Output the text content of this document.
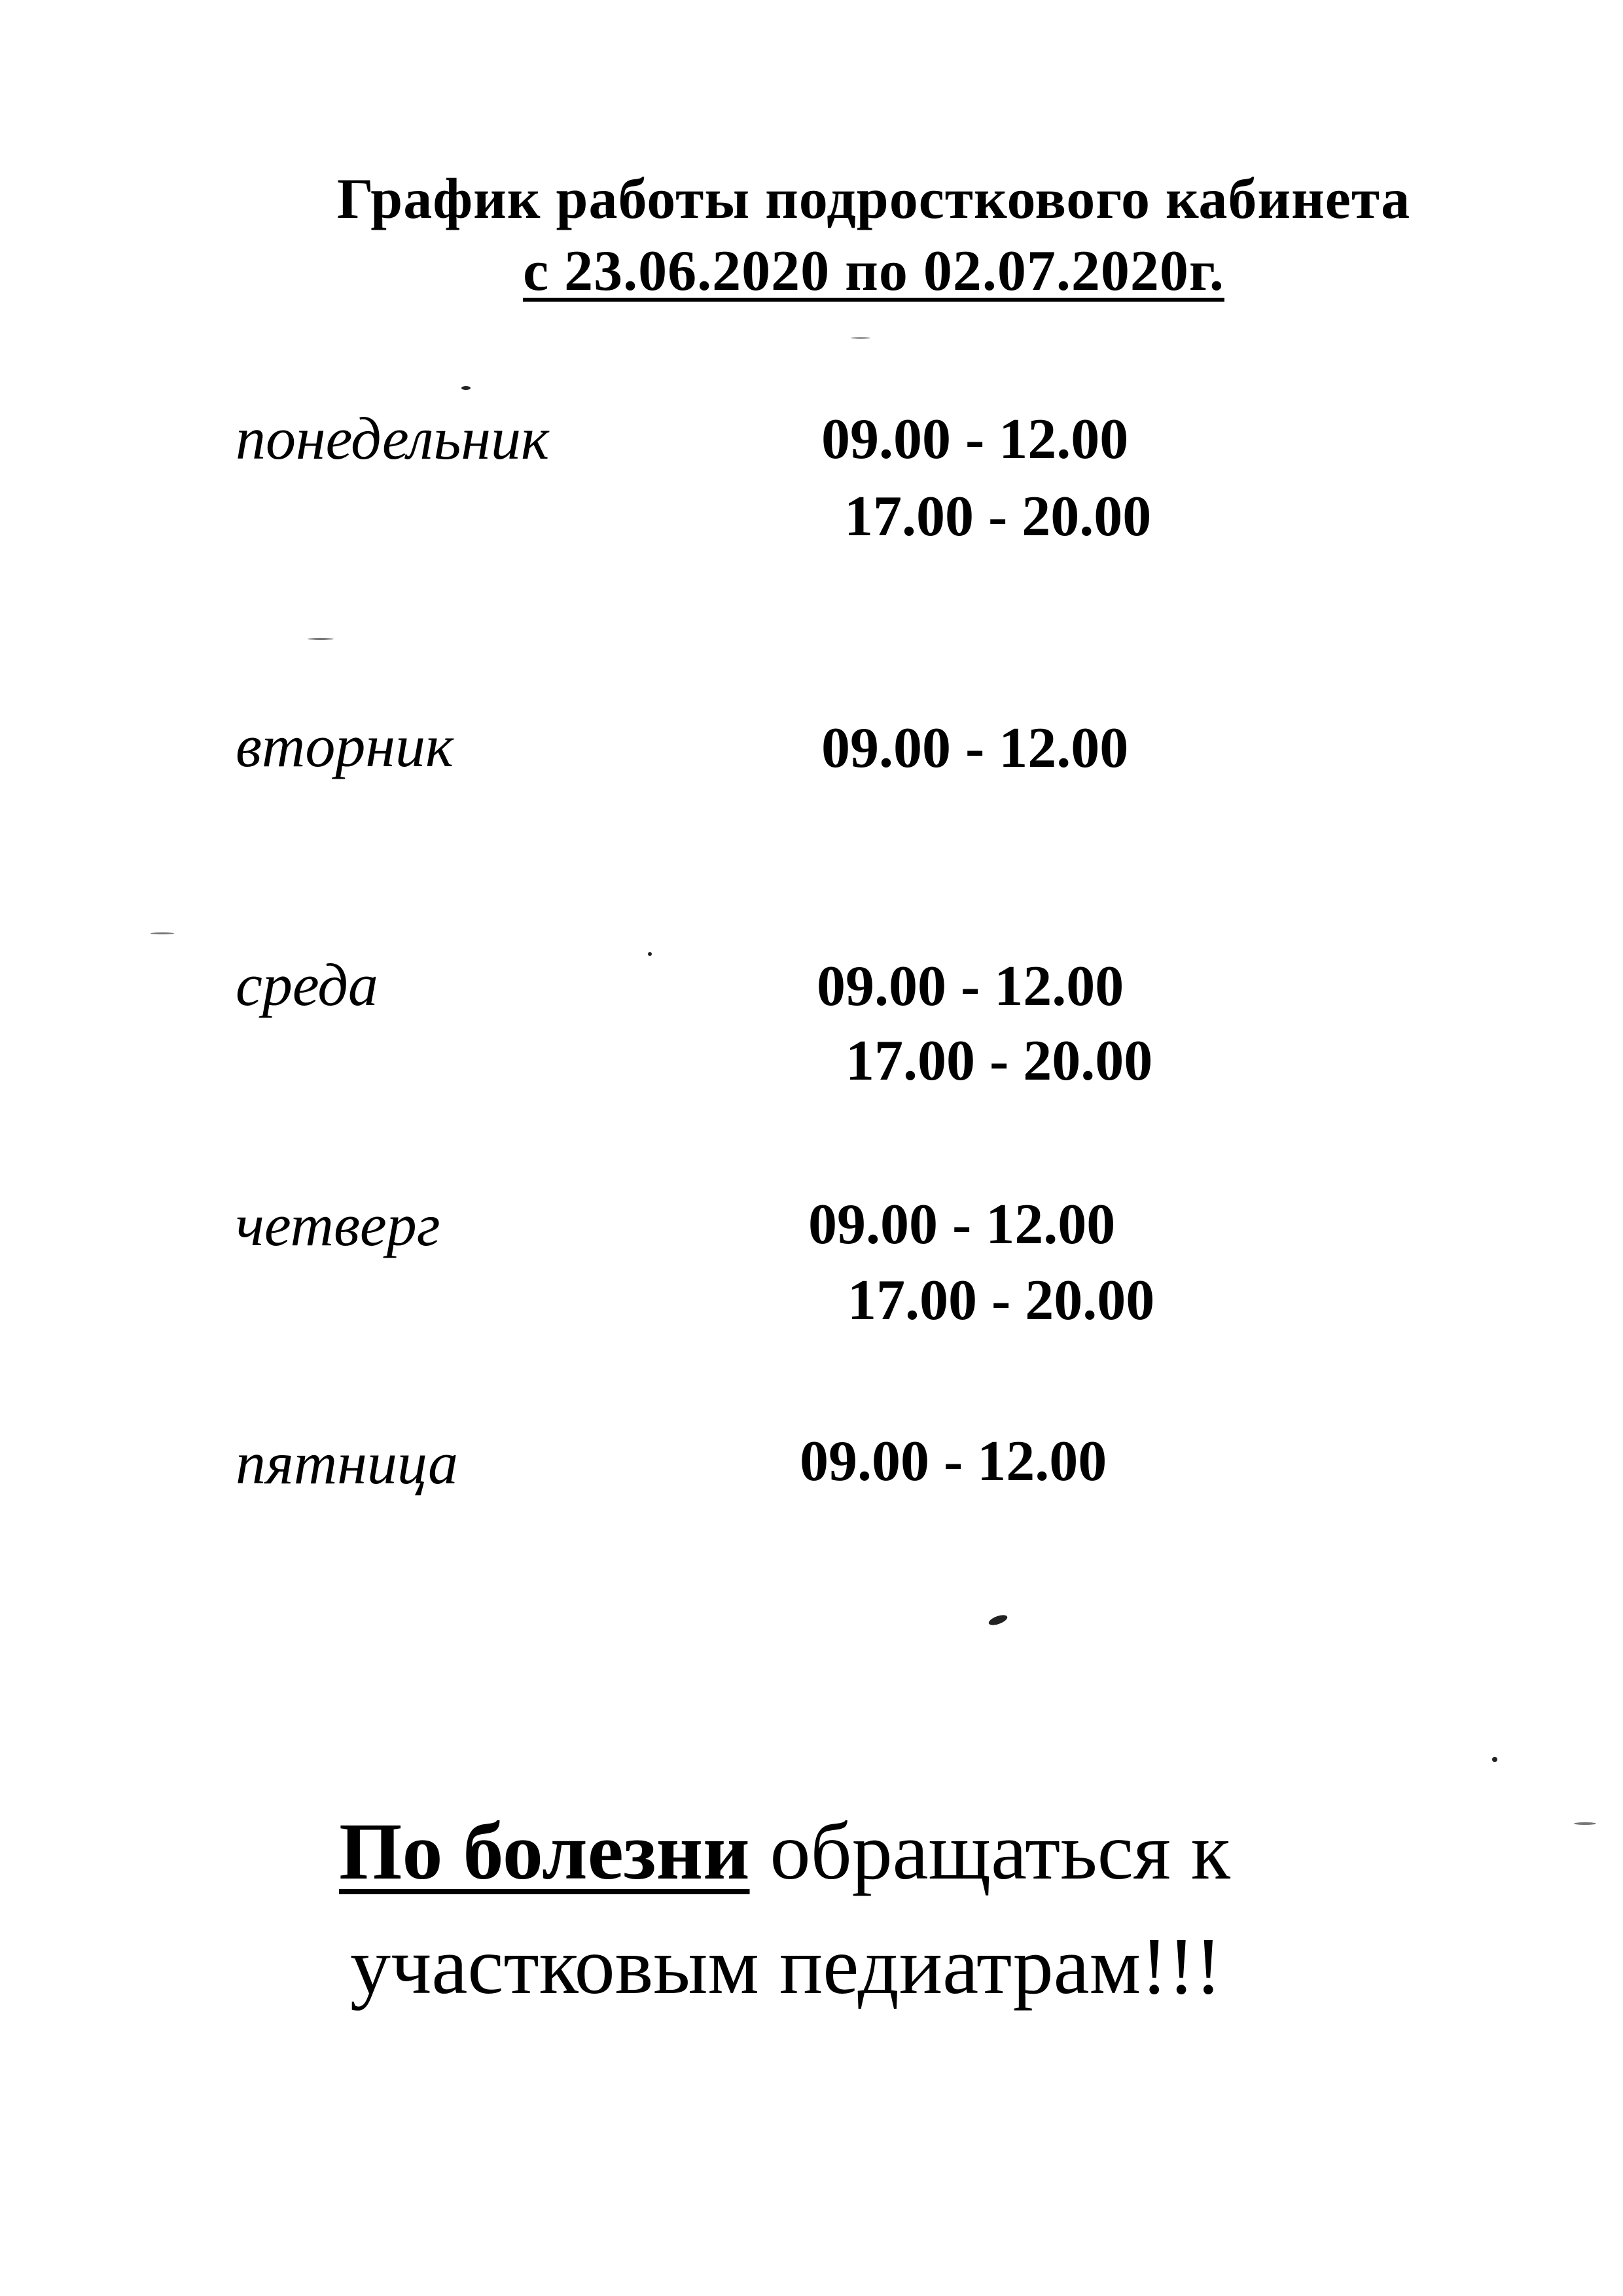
График работы подросткового кабинета
с 23.06.2020 по 02.07.2020г.
понедельник	09.00 - 12.00
17.00 - 20.00
вторник	09.00 - 12.00
среда	09.00 - 12.00
17.00 - 20.00
четверг	09.00 - 12.00
17.00 - 20.00
пятница	09.00 - 12.00
По болезни обращаться к
участковым педиатрам!!!
